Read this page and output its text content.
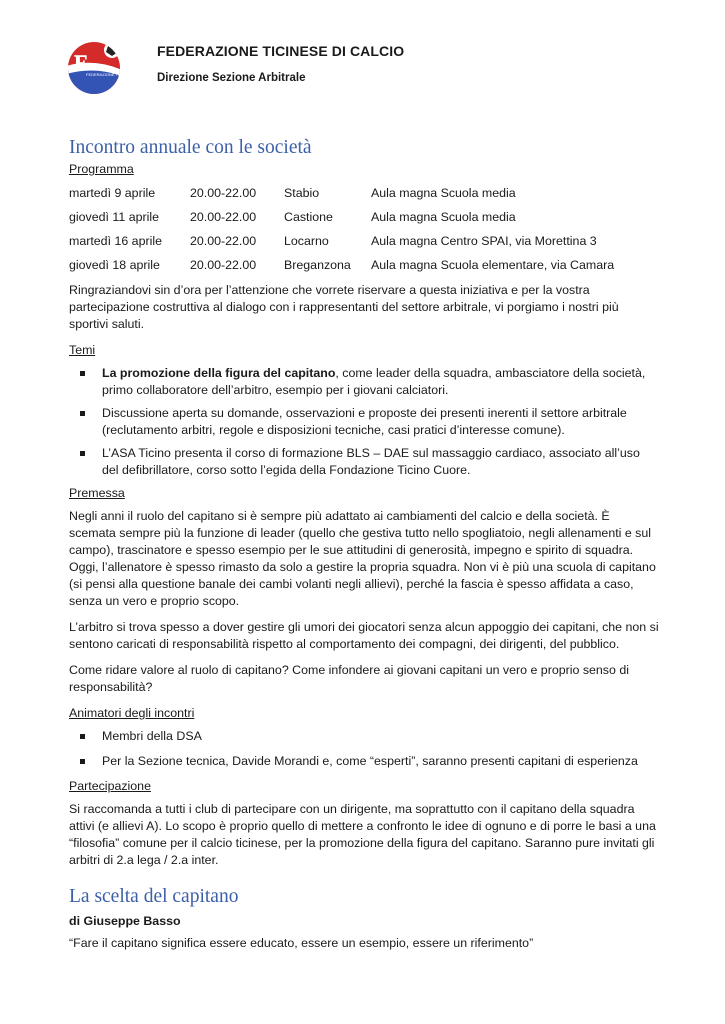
F
FEDERAZIONE TICINESE CALCIO
FEDERAZIONE TICINESE DI CALCIO
Direzione Sezione Arbitrale
Incontro annuale con le società

Programma

martedì 9 aprile	20.00-22.00	Stabio	Aula magna Scuola media
giovedì 11 aprile	20.00-22.00	Castione	Aula magna Scuola media
martedì 16 aprile	20.00-22.00	Locarno	Aula magna Centro SPAI, via Morettina 3
giovedì 18 aprile	20.00-22.00	Breganzona	Aula magna Scuola elementare, via Camara

Ringraziandovi sin d’ora per l’attenzione che vorrete riservare a questa iniziativa e per la vostra partecipazione costruttiva al dialogo con i rappresentanti del settore arbitrale, vi porgiamo i nostri più sportivi saluti.

Temi

La promozione della figura del capitano, come leader della squadra, ambasciatore della società, primo collaboratore dell’arbitro, esempio per i giovani calciatori.
Discussione aperta su domande, osservazioni e proposte dei presenti inerenti il settore arbitrale (reclutamento arbitri, regole e disposizioni tecniche, casi pratici d’interesse comune).
L’ASA Ticino presenta il corso di formazione BLS – DAE sul massaggio cardiaco, associato all’uso del defibrillatore, corso sotto l’egida della Fondazione Ticino Cuore.

Premessa

Negli anni il ruolo del capitano si è sempre più adattato ai cambiamenti del calcio e della società. È scemata sempre più la funzione di leader (quello che gestiva tutto nello spogliatoio, negli allenamenti e sul campo), trascinatore e spesso esempio per le sue attitudini di generosità, impegno e spirito di squadra. Oggi, l’allenatore è spesso rimasto da solo a gestire la propria squadra. Non vi è più una scuola di capitano (si pensi alla questione banale dei cambi volanti negli allievi), perché la fascia è spesso affidata a caso, senza un vero e proprio scopo.

L’arbitro si trova spesso a dover gestire gli umori dei giocatori senza alcun appoggio dei capitani, che non si sentono caricati di responsabilità rispetto al comportamento dei compagni, dei dirigenti, del pubblico.

Come ridare valore al ruolo di capitano? Come infondere ai giovani capitani un vero e proprio senso di responsabilità?

Animatori degli incontri

Membri della DSA
Per la Sezione tecnica, Davide Morandi e, come “esperti”, saranno presenti capitani di esperienza

Partecipazione

Si raccomanda a tutti i club di partecipare con un dirigente, ma soprattutto con il capitano della squadra attivi (e allievi A). Lo scopo è proprio quello di mettere a confronto le idee di ognuno e di porre le basi a una “filosofia” comune per il calcio ticinese, per la promozione della figura del capitano. Saranno pure invitati gli arbitri di 2.a lega / 2.a inter.

La scelta del capitano

di Giuseppe Basso

“Fare il capitano significa essere educato, essere un esempio, essere un riferimento”
